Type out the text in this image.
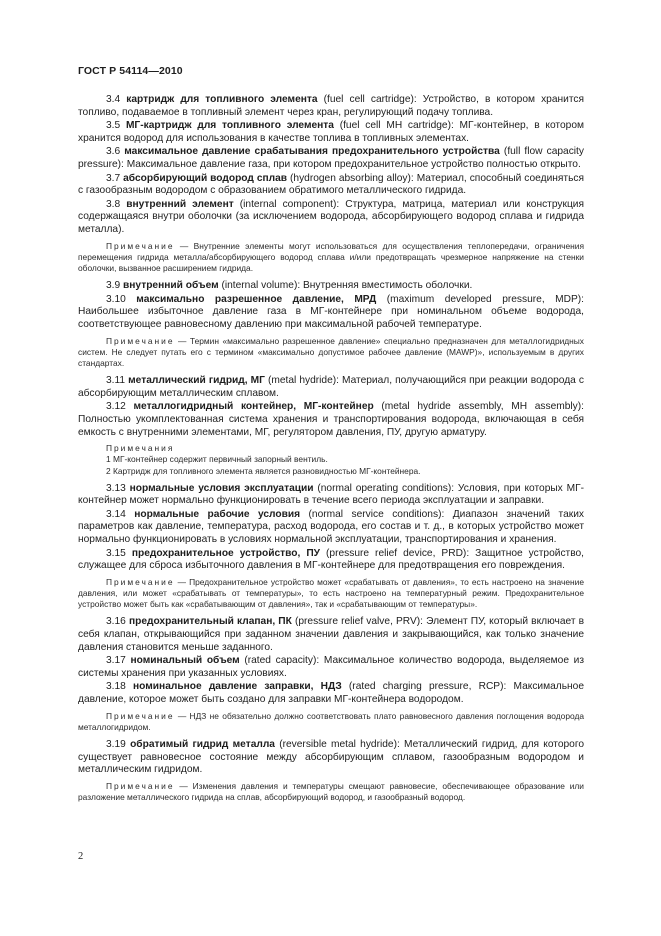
ГОСТ Р 54114—2010

3.4 картридж для топливного элемента (fuel cell cartridge): Устройство, в котором хранится топливо, подаваемое в топливный элемент через кран, регулирующий подачу топлива.

3.5 МГ-картридж для топливного элемента (fuel cell MH cartridge): МГ-контейнер, в котором хранится водород для использования в качестве топлива в топливных элементах.

3.6 максимальное давление срабатывания предохранительного устройства (full flow capacity pressure): Максимальное давление газа, при котором предохранительное устройство полностью открыто.

3.7 абсорбирующий водород сплав (hydrogen absorbing alloy): Материал, способный соединяться с газообразным водородом с образованием обратимого металлического гидрида.

3.8 внутренний элемент (internal component): Структура, матрица, материал или конструкция содержащаяся внутри оболочки (за исключением водорода, абсорбирующего водород сплава и гидрида металла).

Примечание — Внутренние элементы могут использоваться для осуществления теплопередачи, ограничения перемещения гидрида металла/абсорбирующего водород сплава и/или предотвращать чрезмерное напряжение на стенки оболочки, вызванное расширением гидрида.

3.9 внутренний объем (internal volume): Внутренняя вместимость оболочки.

3.10 максимально разрешенное давление, МРД (maximum developed pressure, MDP): Наибольшее избыточное давление газа в МГ-контейнере при номинальном объеме водорода, соответствующее равновесному давлению при максимальной рабочей температуре.

Примечание — Термин «максимально разрешенное давление» специально предназначен для металлогидридных систем. Не следует путать его с термином «максимально допустимое рабочее давление (MAWP)», используемым в других стандартах.

3.11 металлический гидрид, МГ (metal hydride): Материал, получающийся при реакции водорода с абсорбирующим металлическим сплавом.

3.12 металлогидридный контейнер, МГ-контейнер (metal hydride assembly, MH assembly): Полностью укомплектованная система хранения и транспортирования водорода, включающая в себя емкость с внутренними элементами, МГ, регулятором давления, ПУ, другую арматуру.

Примечания
1 МГ-контейнер содержит первичный запорный вентиль.
2 Картридж для топливного элемента является разновидностью МГ-контейнера.

3.13 нормальные условия эксплуатации (normal operating conditions): Условия, при которых МГ-контейнер может нормально функционировать в течение всего периода эксплуатации и заправки.

3.14 нормальные рабочие условия (normal service conditions): Диапазон значений таких параметров как давление, температура, расход водорода, его состав и т. д., в которых устройство может нормально функционировать в условиях нормальной эксплуатации, транспортирования и хранения.

3.15 предохранительное устройство, ПУ (pressure relief device, PRD): Защитное устройство, служащее для сброса избыточного давления в МГ-контейнере для предотвращения его повреждения.

Примечание — Предохранительное устройство может «срабатывать от давления», то есть настроено на значение давления, или может «срабатывать от температуры», то есть настроено на температурный режим. Предохранительное устройство может быть как «срабатывающим от давления», так и «срабатывающим от температуры».

3.16 предохранительный клапан, ПК (pressure relief valve, PRV): Элемент ПУ, который включает в себя клапан, открывающийся при заданном значении давления и закрывающийся, как только значение давления становится меньше заданного.

3.17 номинальный объем (rated capacity): Максимальное количество водорода, выделяемое из системы хранения при указанных условиях.

3.18 номинальное давление заправки, НДЗ (rated charging pressure, RCP): Максимальное давление, которое может быть создано для заправки МГ-контейнера водородом.

Примечание — НДЗ не обязательно должно соответствовать плато равновесного давления поглощения водорода металлогидридом.

3.19 обратимый гидрид металла (reversible metal hydride): Металлический гидрид, для которого существует равновесное состояние между абсорбирующим сплавом, газообразным водородом и металлическим гидридом.

Примечание — Изменения давления и температуры смещают равновесие, обеспечивающее образование или разложение металлического гидрида на сплав, абсорбирующий водород, и газообразный водород.

2
